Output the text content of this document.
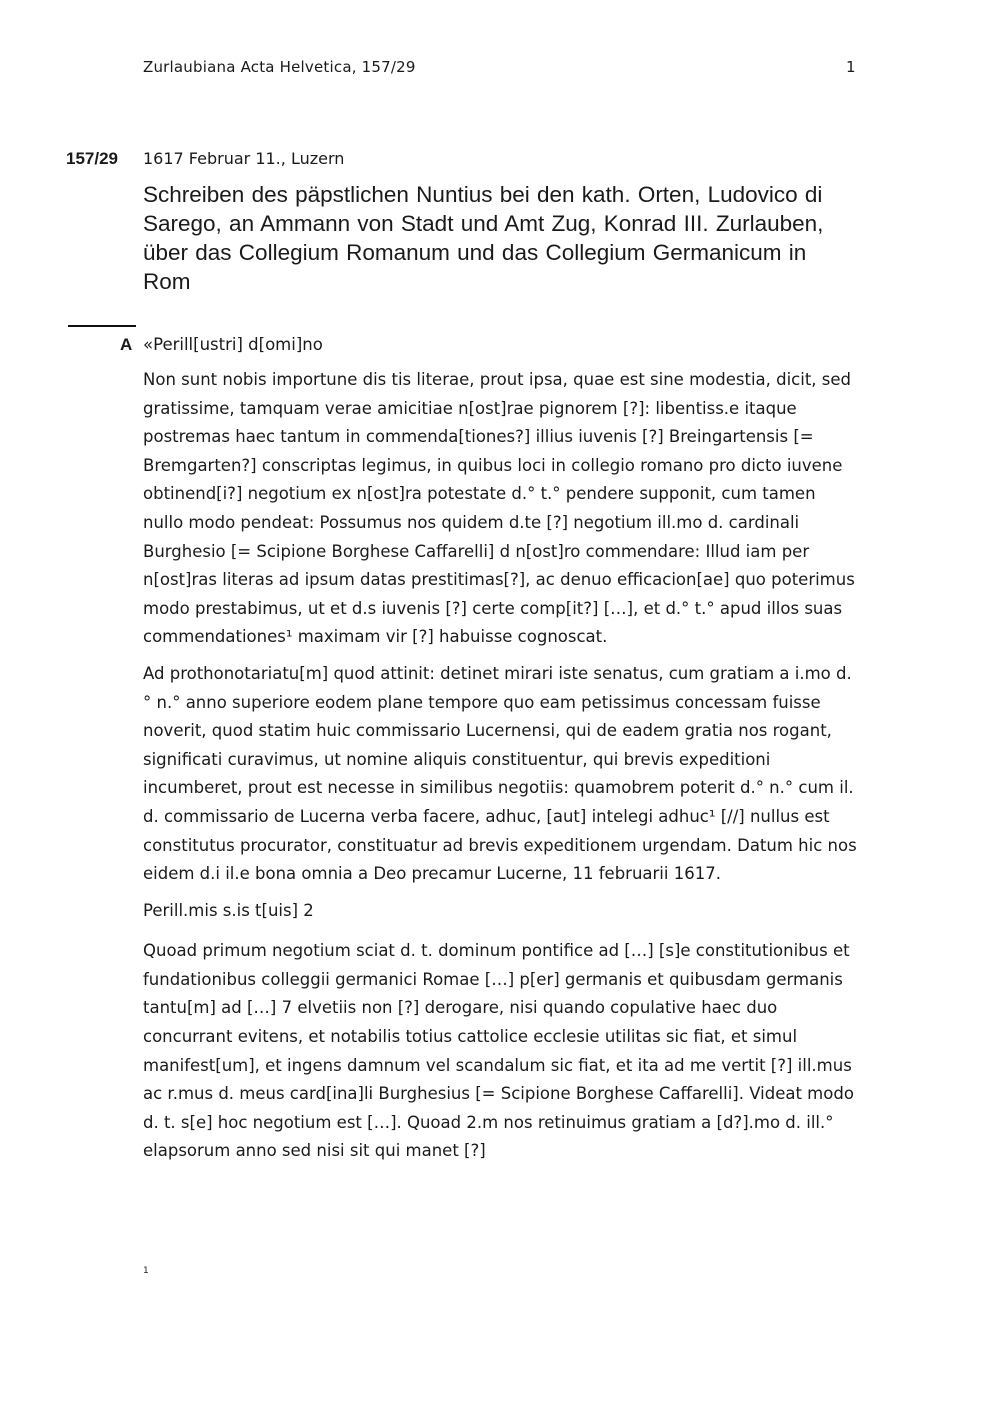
Zurlaubiana Acta Helvetica, 157/29	1
157/29 1617 Februar 11., Luzern
Schreiben des päpstlichen Nuntius bei den kath. Orten, Ludovico di Sarego, an Ammann von Stadt und Amt Zug, Konrad III. Zurlauben, über das Collegium Romanum und das Collegium Germanicum in Rom
A «Perill[ustri] d[omi]no

Non sunt nobis importune dis tis literae, prout ipsa, quae est sine modestia, dicit, sed gratissime, tamquam verae amicitiae n[ost]rae pignorem [?]: libentiss.e itaque postremas haec tantum in commenda[tiones?] illius iuvenis [?] Breingartensis [= Bremgarten?] conscriptas legimus, in quibus loci in collegio romano pro dicto iuvene obtinend[i?] negotium ex n[ost]ra potestate d.° t.° pendere supponit, cum tamen nullo modo pendeat: Possumus nos quidem d.te [?] negotium ill.mo d. cardinali Burghesio [= Scipione Borghese Caffarelli] d n[ost]ro commendare: Illud iam per n[ost]ras literas ad ipsum datas prestitimas[?], ac denuo efficacion[ae] quo poterimus modo prestabimus, ut et d.s iuvenis [?] certe comp[it?] […], et d.° t.° apud illos suas commendationes¹ maximam vir [?] habuisse cognoscat.

Ad prothonotariatu[m] quod attinit: detinet mirari iste senatus, cum gratiam a i.mo d.° n.° anno superiore eodem plane tempore quo eam petissimus concessam fuisse noverit, quod statim huic commissario Lucernensi, qui de eadem gratia nos rogant, significati curavimus, ut nomine aliquis constituentur, qui brevis expeditioni incumberet, prout est necesse in similibus negotiis: quamobrem poterit d.° n.° cum il. d. commissario de Lucerna verba facere, adhuc, [aut] intelegi adhuc¹ [//] nullus est constitutus procurator, constituatur ad brevis expeditionem urgendam. Datum hic nos eidem d.i il.e bona omnia a Deo precamur Lucerne, 11 februarii 1617.

Perill.mis s.is t[uis] 2

Quoad primum negotium sciat d. t. dominum pontifice ad […] [s]e constitutionibus et fundationibus colleggii germanici Romae […] p[er] germanis et quibusdam germanis tantu[m] ad […] 7 elvetiis non [?] derogare, nisi quando copulative haec duo concurrant evitens, et notabilis totius cattolice ecclesie utilitas sic fiat, et simul manifest[um], et ingens damnum vel scandalum sic fiat, et ita ad me vertit [?] ill.mus ac r.mus d. meus card[ina]li Burghesius [= Scipione Borghese Caffarelli]. Videat modo d. t. s[e] hoc negotium est […]. Quoad 2.m nos retinuimus gratiam a [d?].mo d. ill.° elapsorum anno sed nisi sit qui manet [?]

1
